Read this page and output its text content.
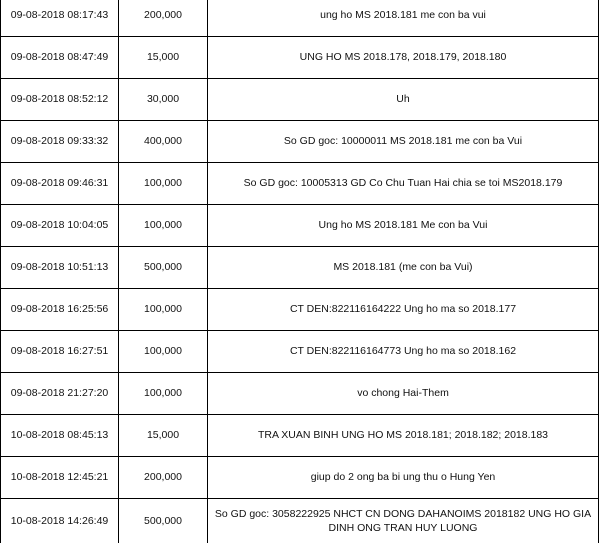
09-08-2018 08:17:43	200,000	ung ho MS 2018.181 me con ba vui
09-08-2018 08:47:49	15,000	UNG HO MS 2018.178, 2018.179, 2018.180
09-08-2018 08:52:12	30,000	Uh
09-08-2018 09:33:32	400,000	So GD goc: 10000011 MS 2018.181 me con ba Vui
09-08-2018 09:46:31	100,000	So GD goc: 10005313 GD Co Chu Tuan Hai chia se toi MS2018.179
09-08-2018 10:04:05	100,000	Ung ho MS 2018.181 Me con ba Vui
09-08-2018 10:51:13	500,000	MS 2018.181 (me con ba Vui)
09-08-2018 16:25:56	100,000	CT DEN:822116164222 Ung ho ma so 2018.177
09-08-2018 16:27:51	100,000	CT DEN:822116164773 Ung ho ma so 2018.162
09-08-2018 21:27:20	100,000	vo chong Hai-Them
10-08-2018 08:45:13	15,000	TRA XUAN BINH UNG HO MS 2018.181; 2018.182; 2018.183
10-08-2018 12:45:21	200,000	giup do 2 ong ba bi ung thu o Hung Yen
10-08-2018 14:26:49	500,000	So GD goc: 3058222925 NHCT CN DONG DAHANOIMS 2018182 UNG HO GIA DINH ONG TRAN HUY LUONG
